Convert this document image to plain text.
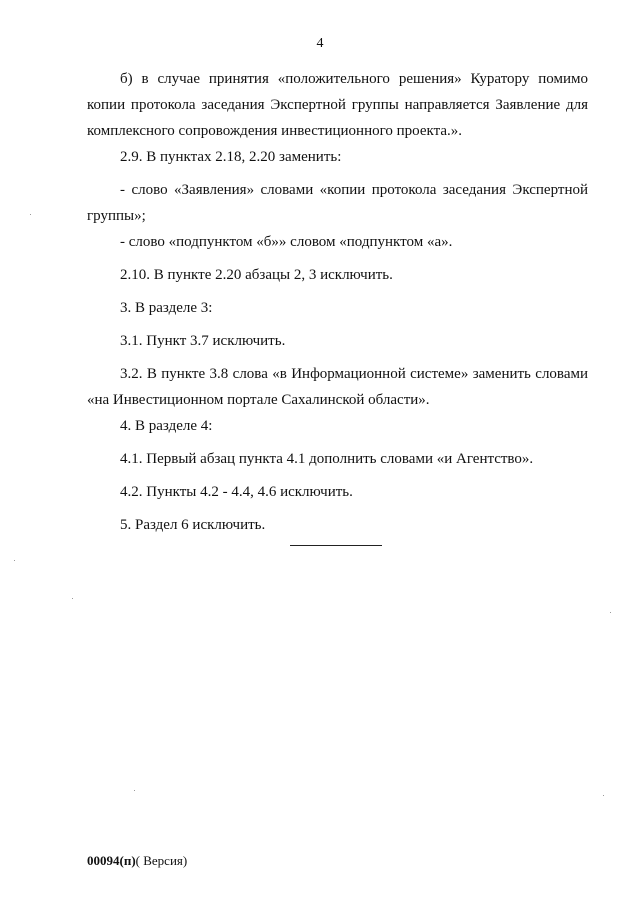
4

б) в случае принятия «положительного решения» Куратору помимо копии протокола заседания Экспертной группы направляется Заявление для комплексного сопровождения инвестиционного проекта.».

2.9. В пунктах 2.18, 2.20 заменить:

- слово «Заявления» словами «копии протокола заседания Экспертной группы»;

- слово «подпунктом «б»» словом «подпунктом «а».

2.10. В пункте 2.20 абзацы 2, 3 исключить.

3. В разделе 3:

3.1. Пункт 3.7 исключить.

3.2. В пункте 3.8 слова «в Информационной системе» заменить словами «на Инвестиционном портале Сахалинской области».

4. В разделе 4:

4.1. Первый абзац пункта 4.1 дополнить словами «и Агентство».

4.2. Пункты 4.2 - 4.4, 4.6 исключить.

5. Раздел 6 исключить.

00094(п)( Версия)
